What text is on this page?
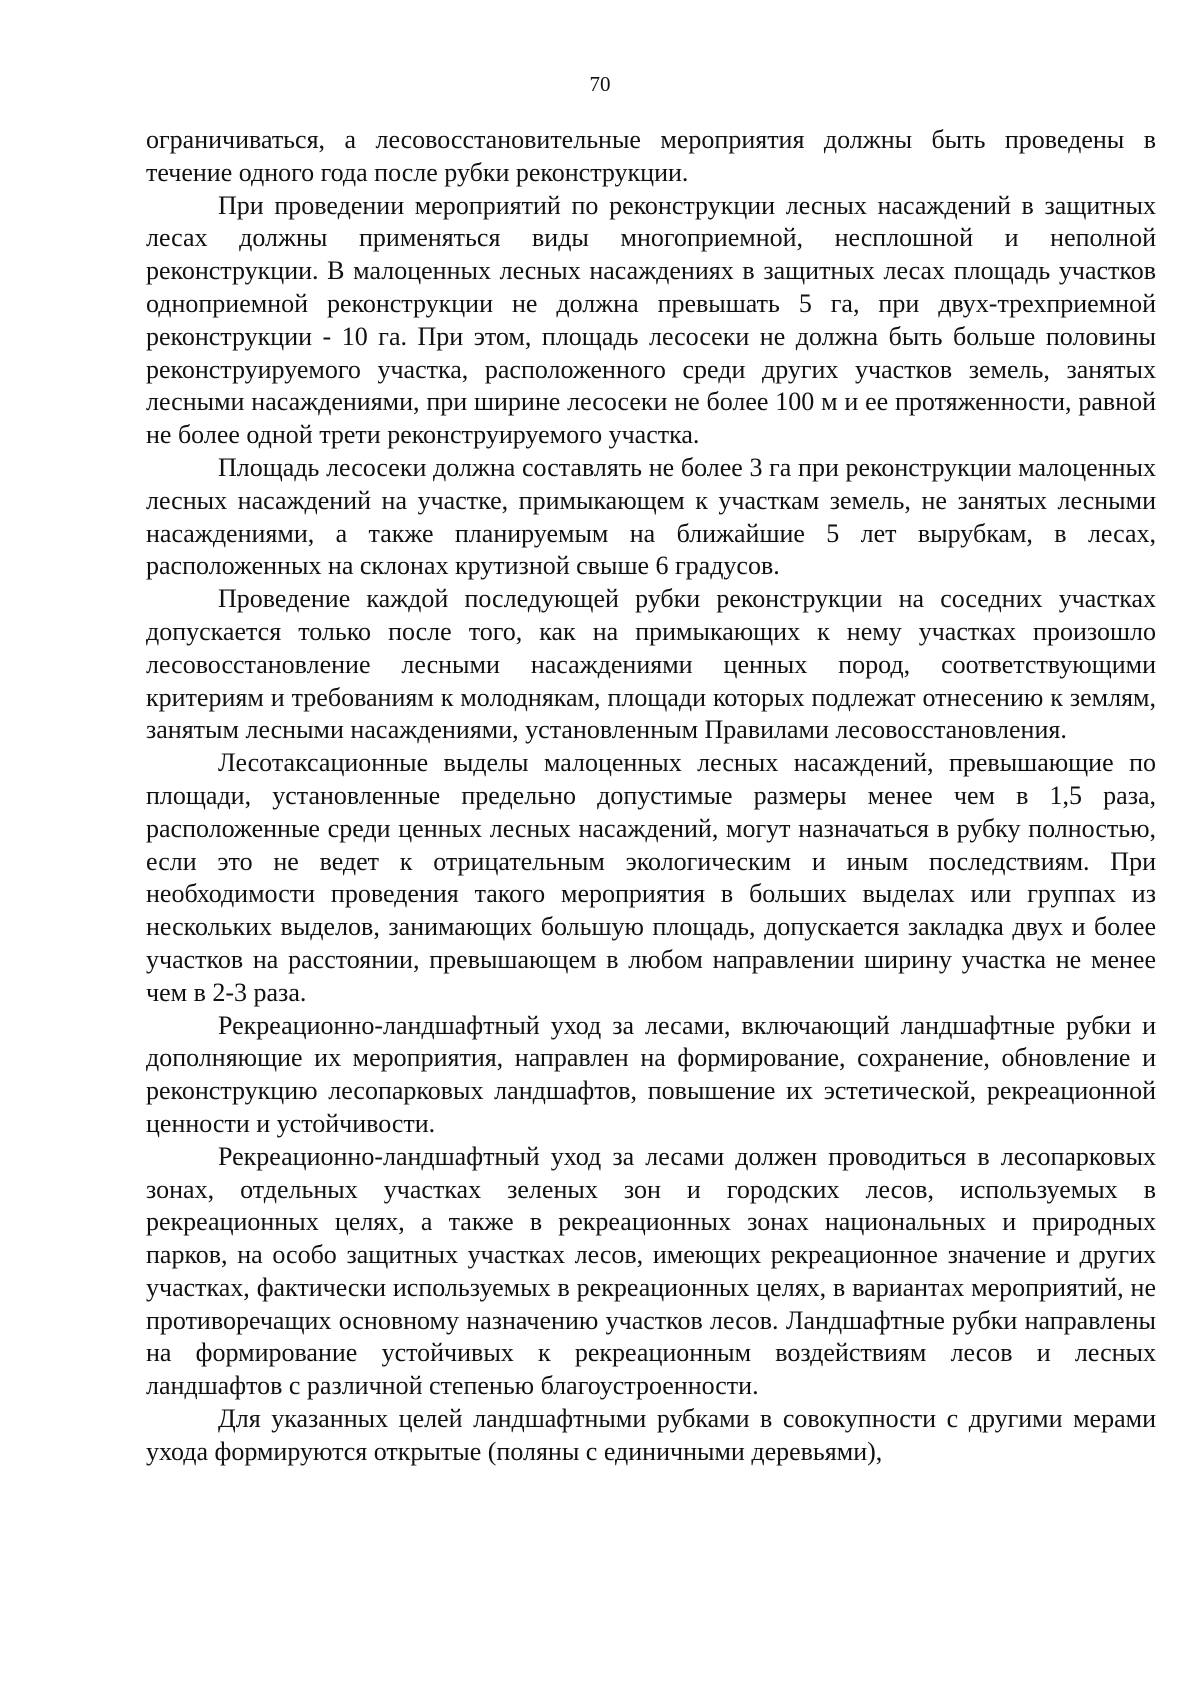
70

ограничиваться, а лесовосстановительные мероприятия должны быть проведены в течение одного года после рубки реконструкции.

При проведении мероприятий по реконструкции лесных насаждений в защитных лесах должны применяться виды многоприемной, несплошной и неполной реконструкции. В малоценных лесных насаждениях в защитных лесах площадь участков одноприемной реконструкции не должна превышать 5 га, при двух-трехприемной реконструкции - 10 га. При этом, площадь лесосеки не должна быть больше половины реконструируемого участка, расположенного среди других участков земель, занятых лесными насаждениями, при ширине лесосеки не более 100 м и ее протяженности, равной не более одной трети реконструируемого участка.

Площадь лесосеки должна составлять не более 3 га при реконструкции малоценных лесных насаждений на участке, примыкающем к участкам земель, не занятых лесными насаждениями, а также планируемым на ближайшие 5 лет вырубкам, в лесах, расположенных на склонах крутизной свыше 6 градусов.

Проведение каждой последующей рубки реконструкции на соседних участках допускается только после того, как на примыкающих к нему участках произошло лесовосстановление лесными насаждениями ценных пород, соответствующими критериям и требованиям к молоднякам, площади которых подлежат отнесению к землям, занятым лесными насаждениями, установленным Правилами лесовосстановления.

Лесотаксационные выделы малоценных лесных насаждений, превышающие по площади, установленные предельно допустимые размеры менее чем в 1,5 раза, расположенные среди ценных лесных насаждений, могут назначаться в рубку полностью, если это не ведет к отрицательным экологическим и иным последствиям. При необходимости проведения такого мероприятия в больших выделах или группах из нескольких выделов, занимающих большую площадь, допускается закладка двух и более участков на расстоянии, превышающем в любом направлении ширину участка не менее чем в 2-3 раза.

Рекреационно-ландшафтный уход за лесами, включающий ландшафтные рубки и дополняющие их мероприятия, направлен на формирование, сохранение, обновление и реконструкцию лесопарковых ландшафтов, повышение их эстетической, рекреационной ценности и устойчивости.

Рекреационно-ландшафтный уход за лесами должен проводиться в лесопарковых зонах, отдельных участках зеленых зон и городских лесов, используемых в рекреационных целях, а также в рекреационных зонах национальных и природных парков, на особо защитных участках лесов, имеющих рекреационное значение и других участках, фактически используемых в рекреационных целях, в вариантах мероприятий, не противоречащих основному назначению участков лесов. Ландшафтные рубки направлены на формирование устойчивых к рекреационным воздействиям лесов и лесных ландшафтов с различной степенью благоустроенности.

Для указанных целей ландшафтными рубками в совокупности с другими мерами ухода формируются открытые (поляны с единичными деревьями),
